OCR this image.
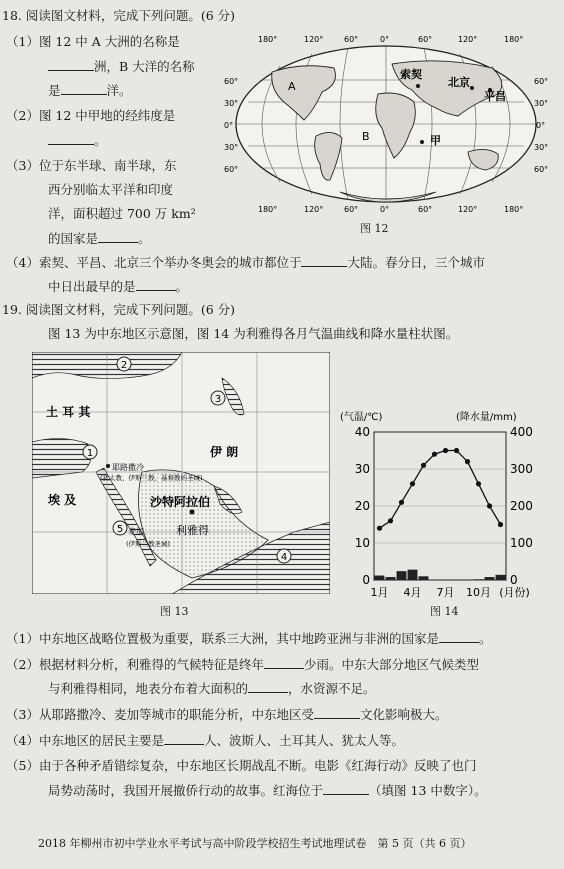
18. 阅读图文材料，完成下列问题。(6 分)
（1）图 12 中 A 大洲的名称是
洲，B 大洋的名称
是	洋。
（2）图 12 中甲地的经纬度是
。
（3）位于东半球、南半球，东
西分别临太平洋和印度
洋，面积超过 700 万 km²
的国家是	。
（4）索契、平昌、北京三个举办冬奥会的城市都位于	大陆。春分日，三个城市
中日出最早的是	。
180°	120°	60°	0°	60°	120°	180°
A
B	甲
索契
北京
平昌
60°
30°
0°
30°
60°
60°
30°
0°
30°
60°
180°	120°	60°	0°	60°	120°	180°
图 12
19. 阅读图文材料，完成下列问题。(6 分)
图 13 为中东地区示意图，图 14 为利雅得各月气温曲线和降水量柱状图。
土 耳 其
伊 朗
埃 及	沙特阿拉伯
利雅得
耶路撒冷
(犹太教、伊斯兰教、基督教的圣城)
麦加
(伊斯兰教圣城)
1
2
3
4
5
图 13
(气温/℃)	(降水量/mm)
40
30
20
10
0
400
300
200
100
0
1月 4月 7月 10月 (月份)
图 14
（1）中东地区战略位置极为重要，联系三大洲，其中地跨亚洲与非洲的国家是	。
（2）根据材料分析，利雅得的气候特征是终年	少雨。中东大部分地区气候类型
与利雅得相同，地表分布着大面积的	，水资源不足。
（3）从耶路撒冷、麦加等城市的职能分析，中东地区受	文化影响极大。
（4）中东地区的居民主要是	人、波斯人、土耳其人、犹太人等。
（5）由于各种矛盾错综复杂，中东地区长期战乱不断。电影《红海行动》反映了也门
局势动荡时，我国开展撤侨行动的故事。红海位于	（填图 13 中数字）。
2018 年柳州市初中学业水平考试与高中阶段学校招生考试地理试卷　第 5 页（共 6 页）
